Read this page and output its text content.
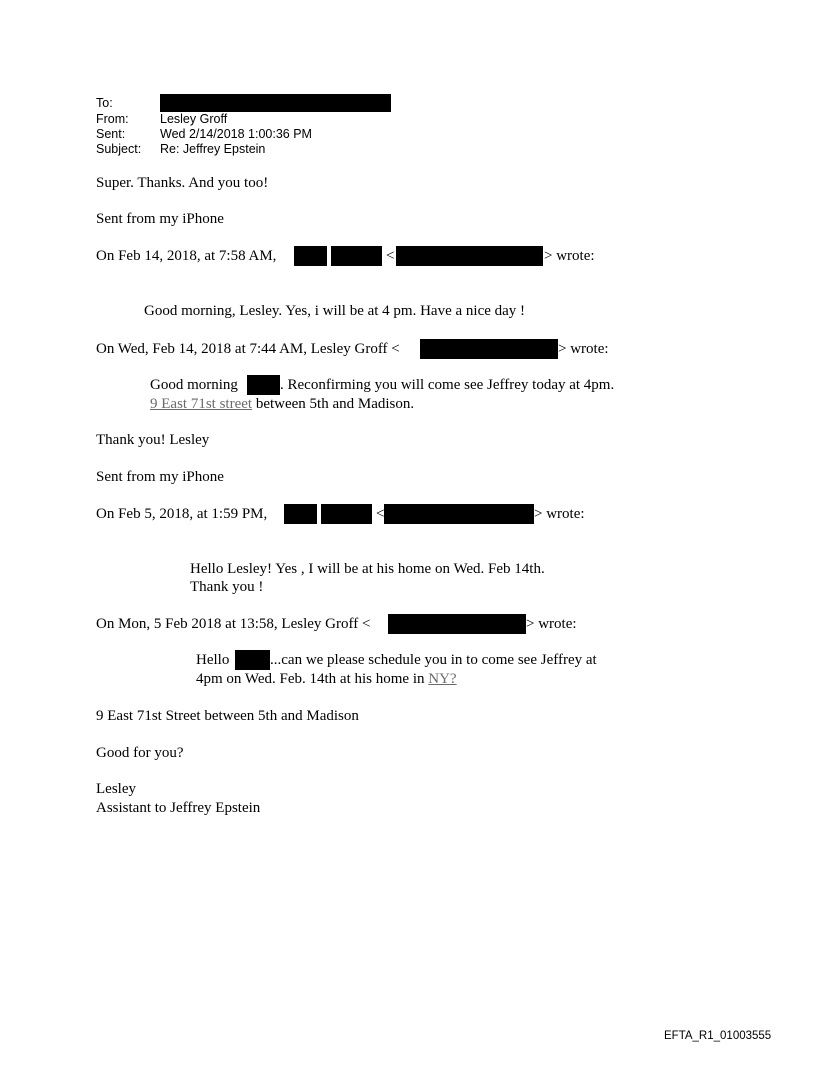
To:
From:	Lesley Groff
Sent:	Wed 2/14/2018 1:00:36 PM
Subject: Re: Jeffrey Epstein
Super. Thanks. And you too!
Sent from my iPhone
On Feb 14, 2018, at 7:58 AM,	<	> wrote:
Good morning, Lesley. Yes, i will be at 4 pm. Have a nice day !
On Wed, Feb 14, 2018 at 7:44 AM, Lesley Groff <	> wrote:
Good morning	. Reconfirming you will come see Jeffrey today at 4pm.
9 East 71st street between 5th and Madison.
Thank you! Lesley
Sent from my iPhone
On Feb 5, 2018, at 1:59 PM,	<	> wrote:
Hello Lesley! Yes , I will be at his home on Wed. Feb 14th.
Thank you !
On Mon, 5 Feb 2018 at 13:58, Lesley Groff <	> wrote:
Hello	...can we please schedule you in to come see Jeffrey at
4pm on Wed. Feb. 14th at his home in NY?
9 East 71st Street between 5th and Madison
Good for you?
Lesley
Assistant to Jeffrey Epstein
EFTA_R1_01003555
